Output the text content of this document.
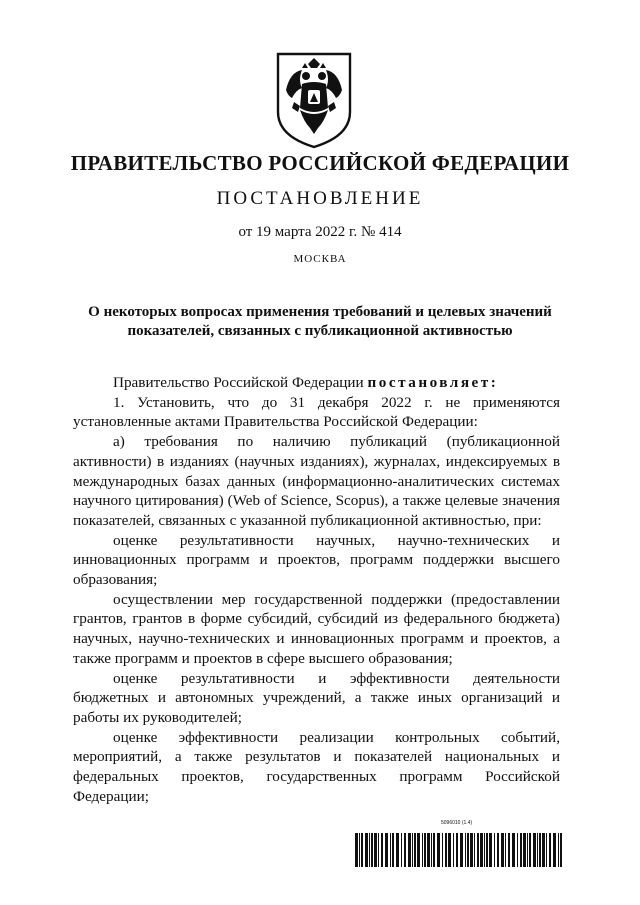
ПРАВИТЕЛЬСТВО РОССИЙСКОЙ ФЕДЕРАЦИИ
ПОСТАНОВЛЕНИЕ
от 19 марта 2022 г. № 414
МОСКВА
О некоторых вопросах применения требований и целевых значений показателей, связанных с публикационной активностью

Правительство Российской Федерации постановляет:

1. Установить, что до 31 декабря 2022 г. не применяются установленные актами Правительства Российской Федерации:

а) требования по наличию публикаций (публикационной активности) в изданиях (научных изданиях), журналах, индексируемых в международных базах данных (информационно-аналитических системах научного цитирования) (Web of Science, Scopus), а также целевые значения показателей, связанных с указанной публикационной активностью, при:

оценке результативности научных, научно-технических и инновационных программ и проектов, программ поддержки высшего образования;

осуществлении мер государственной поддержки (предоставлении грантов, грантов в форме субсидий, субсидий из федерального бюджета) научных, научно-технических и инновационных программ и проектов, а также программ и проектов в сфере высшего образования;

оценке результативности и эффективности деятельности бюджетных и автономных учреждений, а также иных организаций и работы их руководителей;

оценке эффективности реализации контрольных событий, мероприятий, а также результатов и показателей национальных и федеральных проектов, государственных программ Российской Федерации;

5096010 (1.4)
